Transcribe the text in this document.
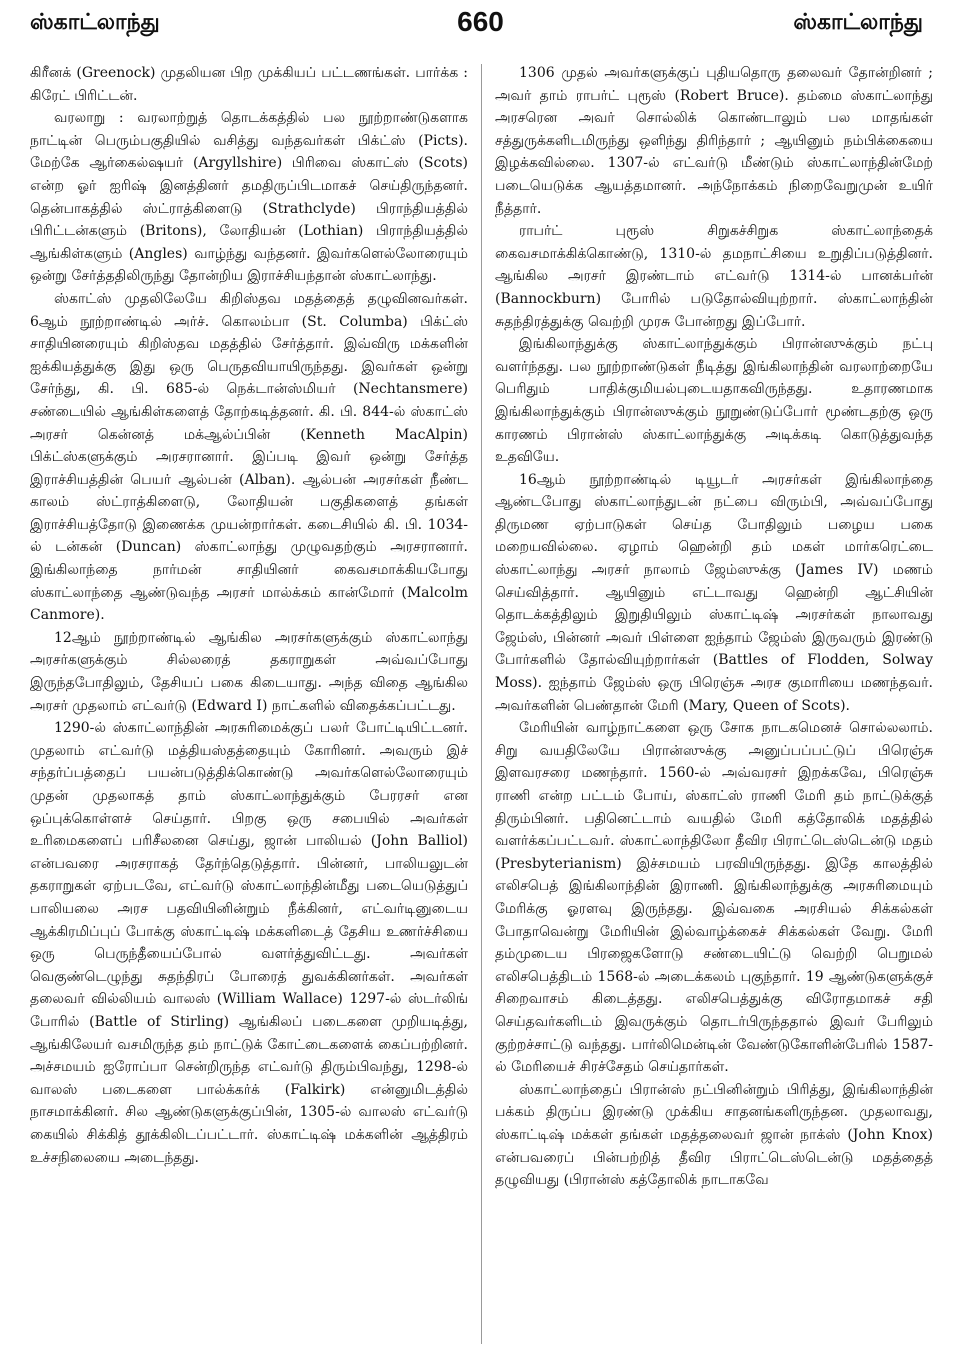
ஸ்காட்லாந்து	660	ஸ்காட்லாந்து

கிரீனக் (Greenock) முதலியன பிற முக்கியப் பட்டணங்கள். பார்க்க : கிரேட் பிரிட்டன்.

வரலாறு : வரலாற்றுத் தொடக்கத்தில் பல நூற்றாண்டுகளாக நாட்டின் பெரும்பகுதியில் வசித்து வந்தவர்கள் பிக்ட்ஸ் (Picts). மேற்கே ஆர்கைல்ஷயர் (Argyllshire) பிரிவை ஸ்காட்ஸ் (Scots) என்ற ஓர் ஐரிஷ் இனத்தினர் தமதிருப்பிடமாகச் செய்திருந்தனர். தென்பாகத்தில் ஸ்ட்ராத்கிளைடு (Strathclyde) பிராந்தியத்தில் பிரிட்டன்களும் (Britons), லோதியன் (Lothian) பிராந்தியத்தில் ஆங்கிள்களும் (Angles) வாழ்ந்து வந்தனர். இவர்களெல்லோரையும் ஒன்று சேர்த்ததிலிருந்து தோன்றிய இராச்சியந்தான் ஸ்காட்லாந்து.

ஸ்காட்ஸ் முதலிலேயே கிறிஸ்தவ மதத்தைத் தழுவினவர்கள். 6ஆம் நூற்றாண்டில் அர்ச். கொலம்பா (St. Columba) பிக்ட்ஸ் சாதியினரையும் கிறிஸ்தவ மதத்தில் சேர்த்தார். இவ்விரு மக்களின் ஐக்கியத்துக்கு இது ஒரு பெருதவியாயிருந்தது. இவர்கள் ஒன்று சேர்ந்து, கி. பி. 685-ல் நெக்டான்ஸ்மியர் (Nechtansmere) சண்டையில் ஆங்கிள்களைத் தோற்கடித்தனர். கி. பி. 844-ல் ஸ்காட்ஸ் அரசர் கென்னத் மக்ஆல்ப்பின் (Kenneth MacAlpin) பிக்ட்ஸ்களுக்கும் அரசரானார். இப்படி இவர் ஒன்று சேர்த்த இராச்சியத்தின் பெயர் ஆல்பன் (Alban). ஆல்பன் அரசர்கள் நீண்ட காலம் ஸ்ட்ராத்கிளைடு, லோதியன் பகுதிகளைத் தங்கள் இராச்சியத்தோடு இணைக்க முயன்றார்கள். கடைசியில் கி. பி. 1034-ல் டன்கன் (Duncan) ஸ்காட்லாந்து முழுவதற்கும் அரசரானார். இங்கிலாந்தை நார்மன் சாதியினர் கைவசமாக்கியபோது ஸ்காட்லாந்தை ஆண்டுவந்த அரசர் மால்க்கம் கான்மோர் (Malcolm Canmore).

12ஆம் நூற்றாண்டில் ஆங்கில அரசர்களுக்கும் ஸ்காட்லாந்து அரசர்களுக்கும் சில்லரைத் தகராறுகள் அவ்வப்போது இருந்தபோதிலும், தேசியப் பகை கிடையாது. அந்த விதை ஆங்கில அரசர் முதலாம் எட்வர்டு (Edward I) நாட்களில் விதைக்கப்பட்டது.

1290-ல் ஸ்காட்லாந்தின் அரசுரிமைக்குப் பலர் போட்டியிட்டனர். முதலாம் எட்வர்டு மத்தியஸ்தத்தையும் கோரினர். அவரும் இச் சந்தர்ப்பத்தைப் பயன்படுத்திக்கொண்டு அவர்களெல்லோரையும் முதன் முதலாகத் தாம் ஸ்காட்லாந்துக்கும் பேரரசர் என ஒப்புக்கொள்ளச் செய்தார். பிறகு ஒரு சபையில் அவர்கள் உரிமைகளைப் பரிசீலனை செய்து, ஜான் பாலியல் (John Balliol) என்பவரை அரசராகத் தேர்ந்தெடுத்தார். பின்னர், பாலியலுடன் தகராறுகள் ஏற்படவே, எட்வர்டு ஸ்காட்லாந்தின்மீது படையெடுத்துப் பாலியலை அரச பதவியினின்றும் நீக்கினர், எட்வர்டினுடைய ஆக்கிரமிப்புப் போக்கு ஸ்காட்டிஷ் மக்களிடைத் தேசிய உணர்ச்சியை ஒரு பெருந்தீயைப்போல் வளர்த்துவிட்டது. அவர்கள் வெகுண்டெழுந்து சுதந்திரப் போரைத் துவக்கினர்கள். அவர்கள் தலைவர் வில்லியம் வாலஸ் (William Wallace) 1297-ல் ஸ்டர்லிங் போரில் (Battle of Stirling) ஆங்கிலப் படைகளை முறியடித்து, ஆங்கிலேயர் வசமிருந்த தம் நாட்டுக் கோட்டைகளைக் கைப்பற்றினர். அச்சமயம் ஐரோப்பா சென்றிருந்த எட்வர்டு திரும்பிவந்து, 1298-ல் வாலஸ் படைகளை பால்க்கர்க் (Falkirk) என்னுமிடத்தில் நாசமாக்கினர். சில ஆண்டுகளுக்குப்பின், 1305-ல் வாலஸ் எட்வர்டு கையில் சிக்கித் தூக்கிலிடப்பட்டார். ஸ்காட்டிஷ் மக்களின் ஆத்திரம் உச்சநிலையை அடைந்தது.

1306 முதல் அவர்களுக்குப் புதியதொரு தலைவர் தோன்றினர் ; அவர் தாம் ராபர்ட் புரூஸ் (Robert Bruce). தம்மை ஸ்காட்லாந்து அரசரென அவர் சொல்லிக் கொண்டாலும் பல மாதங்கள் சத்துருக்களிடமிருந்து ஒளிந்து திரிந்தார் ; ஆயினும் நம்பிக்கையை இழக்கவில்லை. 1307-ல் எட்வர்டு மீண்டும் ஸ்காட்லாந்தின்மேற் படையெடுக்க ஆயத்தமானர். அந்நோக்கம் நிறைவேறுமுன் உயிர் நீத்தார்.

ராபர்ட் புரூஸ் சிறுகச்சிறுக ஸ்காட்லாந்தைக் கைவசமாக்கிக்கொண்டு, 1310-ல் தமநாட்சியை உறுதிப்படுத்தினர். ஆங்கில அரசர் இரண்டாம் எட்வர்டு 1314-ல் பானக்பர்ன் (Bannockburn) போரில் படுதோல்வியுற்றார். ஸ்காட்லாந்தின் சுதந்திரத்துக்கு வெற்றி முரசு போன்றது இப்போர்.

இங்கிலாந்துக்கு ஸ்காட்லாந்துக்கும் பிரான்ஸுக்கும் நட்பு வளர்ந்தது. பல நூற்றாண்டுகள் நீடித்து இங்கிலாந்தின் வரலாற்றையே பெரிதும் பாதிக்குமியல்புடையதாகவிருந்தது. உதாரணமாக இங்கிலாந்துக்கும் பிரான்ஸுக்கும் நூறுண்டுப்போர் மூண்டதற்கு ஒரு காரணம் பிரான்ஸ் ஸ்காட்லாந்துக்கு அடிக்கடி கொடுத்துவந்த உதவியே.

16ஆம் நூற்றாண்டில் டியூடர் அரசர்கள் இங்கிலாந்தை ஆண்டபோது ஸ்காட்லாந்துடன் நட்பை விரும்பி, அவ்வப்போது திருமண ஏற்பாடுகள் செய்த போதிலும் பழைய பகை மறையவில்லை. ஏழாம் ஹென்றி தம் மகள் மார்கரெட்டை ஸ்காட்லாந்து அரசர் நாலாம் ஜேம்ஸுக்கு (James IV) மணம் செய்வித்தார். ஆயினும் எட்டாவது ஹென்றி ஆட்சியின் தொடக்கத்திலும் இறுதியிலும் ஸ்காட்டிஷ் அரசர்கள் நாலாவது ஜேம்ஸ், பின்னர் அவர் பிள்ளை ஐந்தாம் ஜேம்ஸ் இருவரும் இரண்டு போர்களில் தோல்வியுற்றார்கள் (Battles of Flodden, Solway Moss). ஐந்தாம் ஜேம்ஸ் ஒரு பிரெஞ்சு அரச குமாரியை மணந்தவர். அவர்களின் பெண்தான் மேரி (Mary, Queen of Scots).

மேரியின் வாழ்நாட்களை ஒரு சோக நாடகமெனச் சொல்லலாம். சிறு வயதிலேயே பிரான்ஸுக்கு அனுப்பப்பட்டுப் பிரெஞ்சு இளவரசரை மணந்தார். 1560-ல் அவ்வரசர் இறக்கவே, பிரெஞ்சு ராணி என்ற பட்டம் போய், ஸ்காட்ஸ் ராணி மேரி தம் நாட்டுக்குத் திரும்பினர். பதினெட்டாம் வயதில் மேரி கத்தோலிக் மதத்தில் வளர்க்கப்பட்டவர். ஸ்காட்லாந்திலோ தீவிர பிராட்டெஸ்டென்டு மதம் (Presbyterianism) இச்சமயம் பரவியிருந்தது. இதே காலத்தில் எலிசபெத் இங்கிலாந்தின் இராணி. இங்கிலாந்துக்கு அரசுரிமையும் மேரிக்கு ஓரளவு இருந்தது. இவ்வகை அரசியல் சிக்கல்கள் போதாவென்று மேரியின் இல்வாழ்க்கைச் சிக்கல்கள் வேறு. மேரி தம்முடைய பிரஜைகளோடு சண்டையிட்டு வெற்றி பெறுமல் எலிசபெத்திடம் 1568-ல் அடைக்கலம் புகுந்தார். 19 ஆண்டுகளுக்குச் சிறைவாசம் கிடைத்தது. எலிசபெத்துக்கு விரோதமாகச் சதி செய்தவர்களிடம் இவருக்கும் தொடர்பிருந்ததால் இவர் பேரிலும் குற்றச்சாட்டு வந்தது. பார்லிமென்டின் வேண்டுகோளின்பேரில் 1587-ல் மேரியைச் சிரச்சேதம் செய்தார்கள்.

ஸ்காட்லாந்தைப் பிரான்ஸ் நட்பினின்றும் பிரித்து, இங்கிலாந்தின் பக்கம் திருப்ப இரண்டு முக்கிய சாதனங்களிருந்தன. முதலாவது, ஸ்காட்டிஷ் மக்கள் தங்கள் மதத்தலைவர் ஜான் நாக்ஸ் (John Knox) என்பவரைப் பின்பற்றித் தீவிர பிராட்டெஸ்டென்டு மதத்தைத் தழுவியது (பிரான்ஸ் கத்தோலிக் நாடாகவே
